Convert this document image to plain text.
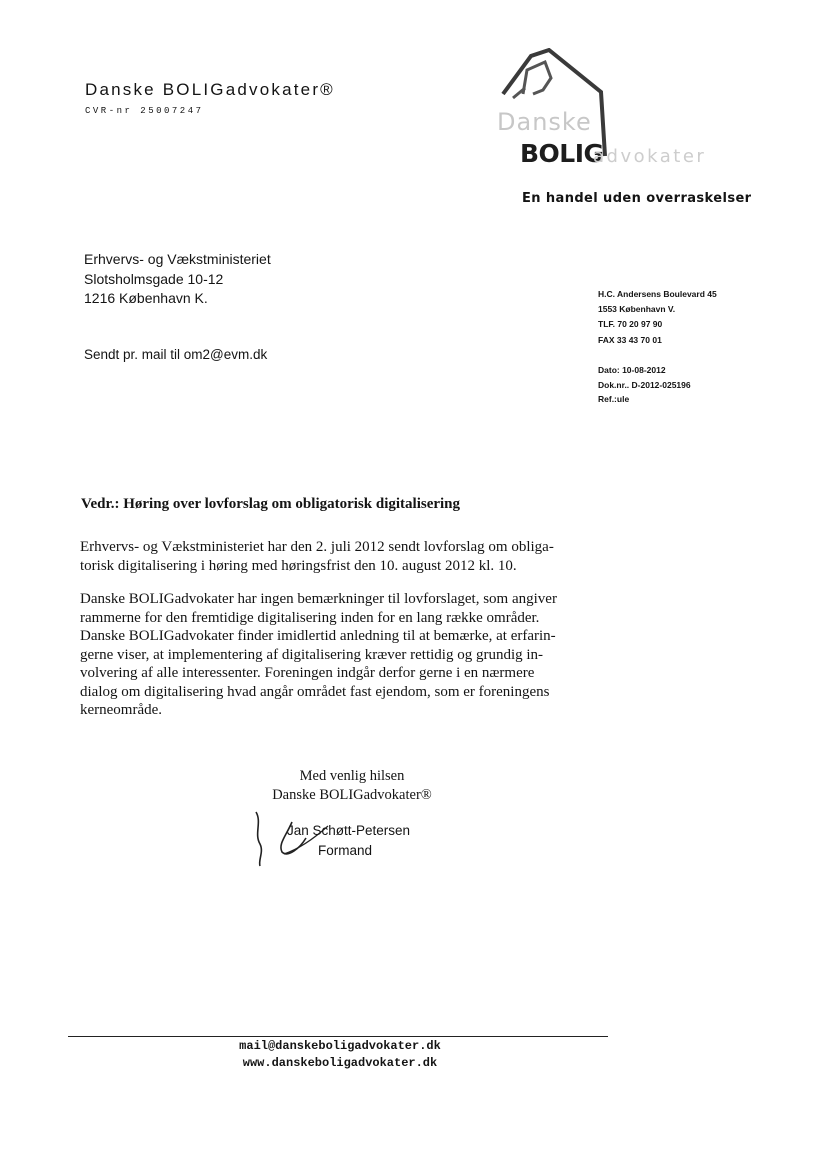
Danske BOLIGadvokater®
CVR-nr 25007247	Danske
BOLIG
advokater
En handel uden overraskelser
Erhvervs- og Vækstministeriet
Slotsholmsgade 10-12
1216 København K.
Sendt pr. mail til om2@evm.dk
H.C. Andersens Boulevard 45
1553 København V.
TLF. 70 20 97 90
FAX 33 43 70 01
Dato: 10-08-2012
Dok.nr.. D-2012-025196
Ref.:ule
Vedr.: Høring over lovforslag om obligatorisk digitalisering
Erhvervs- og Vækstministeriet har den 2. juli 2012 sendt lovforslag om obliga-
torisk digitalisering i høring med høringsfrist den 10. august 2012 kl. 10.
Danske BOLIGadvokater har ingen bemærkninger til lovforslaget, som angiver
rammerne for den fremtidige digitalisering inden for en lang række områder.
Danske BOLIGadvokater finder imidlertid anledning til at bemærke, at erfarin-
gerne viser, at implementering af digitalisering kræver rettidig og grundig in-
volvering af alle interessenter. Foreningen indgår derfor gerne i en nærmere
dialog om digitalisering hvad angår området fast ejendom, som er foreningens
kerneområde.
Med venlig hilsen
Danske BOLIGadvokater®
Jan Schøtt-Petersen
Formand
mail@danskeboligadvokater.dk
www.danskeboligadvokater.dk
